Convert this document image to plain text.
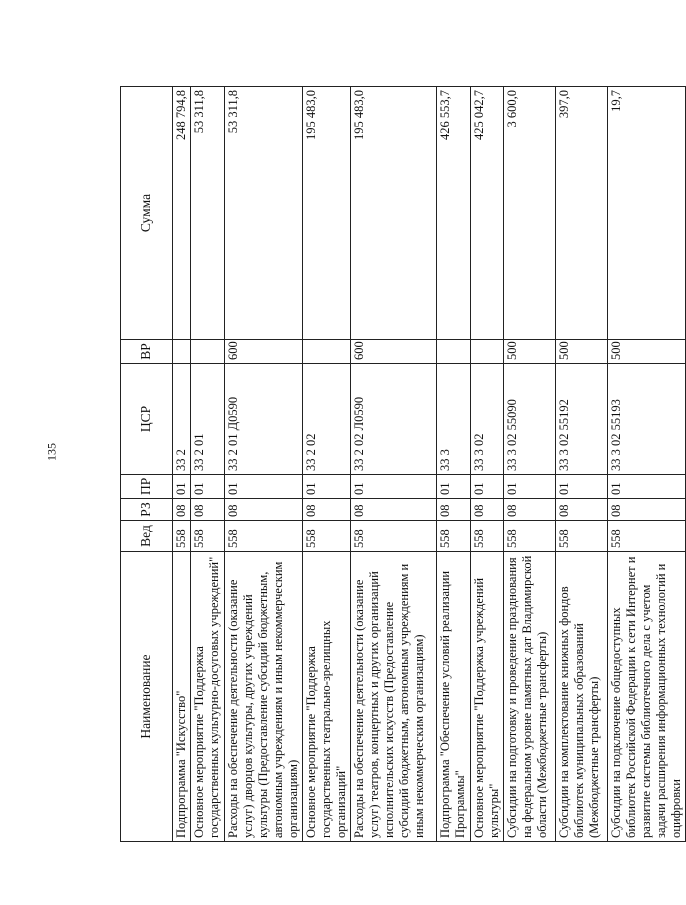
135
Наименование	Вед	РЗ	ПР	ЦСР	ВР	Сумма
Подпрограмма "Искусство"	558	08	01	33 2		248 794,8
Основное мероприятие "Поддержка государственных культурно-досуговых учреждений"	558	08	01	33 2 01		53 311,8
Расходы на обеспечение деятельности (оказание услуг) дворцов культуры, других учреждений культуры (Предоставление субсидий бюджетным, автономным учреждениям и иным некоммерческим организациям)	558	08	01	33 2 01 Д0590	600	53 311,8
Основное мероприятие "Поддержка государственных театрально-зрелищных организаций"	558	08	01	33 2 02		195 483,0
Расходы на обеспечение деятельности (оказание услуг) театров, концертных и других организаций исполнительских искусств (Предоставление субсидий бюджетным, автономным учреждениям и иным некоммерческим организациям)	558	08	01	33 2 02 Л0590	600	195 483,0
Подпрограмма "Обеспечение условий реализации Программы"	558	08	01	33 3		426 553,7
Основное мероприятие "Поддержка учреждений культуры"	558	08	01	33 3 02		425 042,7
Субсидии на подготовку и проведение празднования на федеральном уровне памятных дат Владимирской области (Межбюджетные трансферты)	558	08	01	33 3 02 55090	500	3 600,0
Субсидии на комплектование книжных фондов библиотек муниципальных образований (Межбюджетные трансферты)	558	08	01	33 3 02 55192	500	397,0
Субсидии на подключение общедоступных библиотек Российской Федерации к сети Интернет и развитие системы библиотечного дела с учетом задачи расширения информационных технологий и оцифровки	558	08	01	33 3 02 55193	500	19,7
